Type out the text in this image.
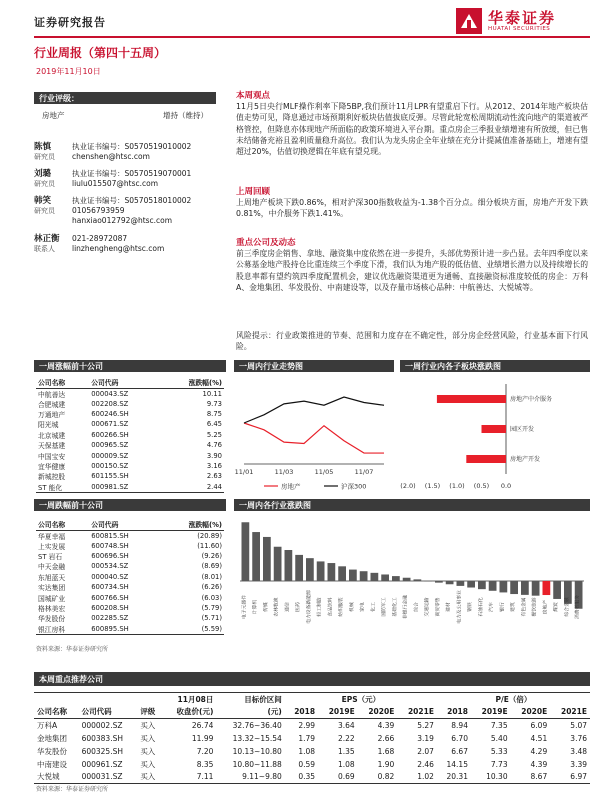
证券研究报告	华泰证券
HUATAI SECURITIES
行业周报（第四十五周）
2019年11月10日
行业评级：
房地产	增持（维持）
陈慎	执业证书编号：S0570519010002
研究员	chenshen@htsc.com
刘璐	执业证书编号：S0570519070001
研究员	liulu015507@htsc.com
韩笑	执业证书编号：S0570518010002
研究员	01056793959
hanxiao012792@htsc.com
林正衡	021-28972087
联系人	linzhengheng@htsc.com
本周观点
11月5日央行MLF操作利率下降5BP,我们预计11月LPR有望重启下行。从2012、2014年地产板块估值走势可见，降息通过市场预期利好板块估值拔底反弹。尽管此轮宽松周期流动性流向地产的渠道被严格管控，但降息亦体现地产所面临的政策环境进入平台期。重点房企三季报业绩增速有所放缓，但已售未结储备充裕且盈利质量稳升高位。我们认为龙头房企全年业绩在充分计提减值准备基础上，增速有望超过20%，估值切换逻辑在年底有望兑现。
上周回顾
上周地产板块下跌0.86%，相对沪深300指数收益为-1.38个百分点。细分板块方面，房地产开发下跌0.81%，中介服务下跌1.41%。
重点公司及动态
前三季度房企销售、拿地、融资集中度依然在进一步提升，头部优势预计进一步凸显。去年四季度以来公募基金地产股持仓比重连续三个季度下滑，我们认为地产股的低估值、业绩增长潜力以及持续增长的股息率都有望约筑四季度配置机会，建议优选融资渠道更为通畅、直接融资标准度较低的房企：万科A、金地集团、华发股份、中南建设等，以及存量市场核心品种：中航善达、大悦城等。
风险提示：行业政策推进的节奏、范围和力度存在不确定性，部分房企经营风险，行业基本面下行风险。
一周涨幅前十公司
公司名称	公司代码	涨跌幅(%)
中航善达	000043.SZ	10.11
合肥城建	002208.SZ	9.73
万通地产	600246.SH	8.75
阳光城	000671.SZ	6.45
北京城建	600266.SH	5.25
天保基建	000965.SZ	4.76
中国宝安	000009.SZ	3.90
宜华健康	000150.SZ	3.16
新城控股	601155.SH	2.63
ST 能化	000981.SZ	2.44
一周跌幅前十公司
公司名称	公司代码	涨跌幅(%)
华夏幸福	600815.SH	(20.89)
上实发展	600748.SH	(11.60)
ST 岩石	600696.SH	(9.26)
中天金融	000534.SZ	(8.69)
东旭蓝天	000040.SZ	(8.01)
实达集团	600734.SH	(6.26)
国城矿业	600766.SH	(6.03)
格林美宏	600208.SH	(5.79)
华发股份	002285.SZ	(5.71)
银江房科	600895.SH	(5.59)
资料来源：华泰证券研究所
一周内行业走势图
11/01	11/03	11/05	11/07
房地产	沪深300
一周行业内各子板块涨跌图
房地产中介服务
园区开发
房地产开发
(2.0) (1.5) (1.0) (0.5) 0.0
一周内各行业涨跌图
电子元器件	计算机	传媒	农林牧渔	通信	医药	电力设备新能源	轻工制造	食品饮料	纺织服装	机械	家电	化工	国防军工	基础化工	非银行金融	综合	交通运输	商贸零售	建材	电力及公用事业	钢铁	石油石化	汽车	银行	建筑	有色金属	餐饮旅游	房地产	煤炭	综合金融	消费者服务
本周重点推荐公司
			11月08日	目标价区间	EPS（元）				P/E（倍）			
公司名称	公司代码	评级	收盘价(元)	(元)	2018	2019E	2020E	2021E	2018	2019E	2020E	2021E
万科A	000002.SZ	买入	26.74	32.76~36.40	2.99	3.64	4.39	5.27	8.94	7.35	6.09	5.07
金地集团	600383.SH	买入	11.99	13.32~15.54	1.79	2.22	2.66	3.19	6.70	5.40	4.51	3.76
华发股份	600325.SH	买入	7.20	10.13~10.80	1.08	1.35	1.68	2.07	6.67	5.33	4.29	3.48
中南建设	000961.SZ	买入	8.35	10.80~11.88	0.59	1.08	1.90	2.46	14.15	7.73	4.39	3.39
大悦城	000031.SZ	买入	7.11	9.11~9.80	0.35	0.69	0.82	1.02	20.31	10.30	8.67	6.97
资料来源：华泰证券研究所
